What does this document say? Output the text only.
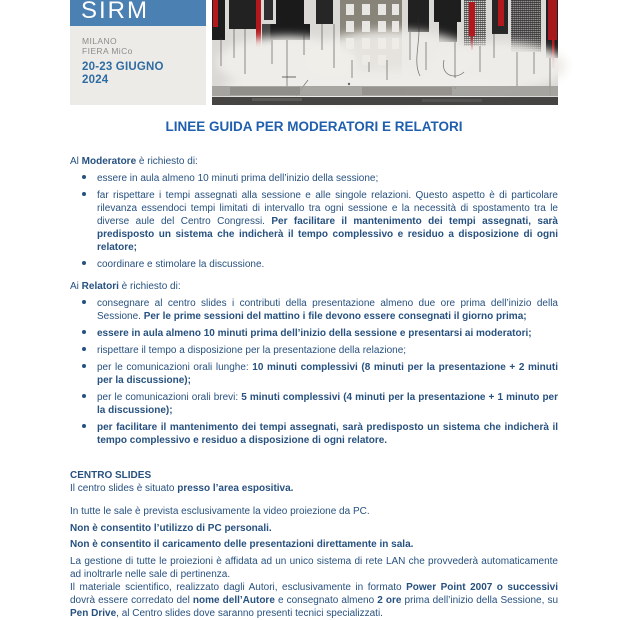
SIRM
MILANO
FIERA MiCo
20-23 GIUGNO
2024
LINEE GUIDA PER MODERATORI E RELATORI
Al Moderatore è richiesto di:
• essere in aula almeno 10 minuti prima dell’inizio della sessione;
• far rispettare i tempi assegnati alla sessione e alle singole relazioni. Questo aspetto è di particolare rilevanza essendoci tempi limitati di intervallo tra ogni sessione e la necessità di spostamento tra le diverse aule del Centro Congressi. Per facilitare il mantenimento dei tempi assegnati, sarà predisposto un sistema che indicherà il tempo complessivo e residuo a disposizione di ogni relatore;
• coordinare e stimolare la discussione.
Ai Relatori è richiesto di:
• consegnare al centro slides i contributi della presentazione almeno due ore prima dell’inizio della Sessione. Per le prime sessioni del mattino i file devono essere consegnati il giorno prima;
• essere in aula almeno 10 minuti prima dell’inizio della sessione e presentarsi ai moderatori;
• rispettare il tempo a disposizione per la presentazione della relazione;
• per le comunicazioni orali lunghe: 10 minuti complessivi (8 minuti per la presentazione + 2 minuti per la discussione);
• per le comunicazioni orali brevi: 5 minuti complessivi (4 minuti per la presentazione + 1 minuto per la discussione);
• per facilitare il mantenimento dei tempi assegnati, sarà predisposto un sistema che indicherà il tempo complessivo e residuo a disposizione di ogni relatore.
CENTRO SLIDES
Il centro slides è situato presso l’area espositiva.
In tutte le sale è prevista esclusivamente la video proiezione da PC.
Non è consentito l’utilizzo di PC personali.
Non è consentito il caricamento delle presentazioni direttamente in sala.
La gestione di tutte le proiezioni è affidata ad un unico sistema di rete LAN che provvederà automaticamente ad inoltrarle nelle sale di pertinenza.
Il materiale scientifico, realizzato dagli Autori, esclusivamente in formato Power Point 2007 o successivi dovrà essere corredato del nome dell’Autore e consegnato almeno 2 ore prima dell’inizio della Sessione, su Pen Drive, al Centro slides dove saranno presenti tecnici specializzati.
